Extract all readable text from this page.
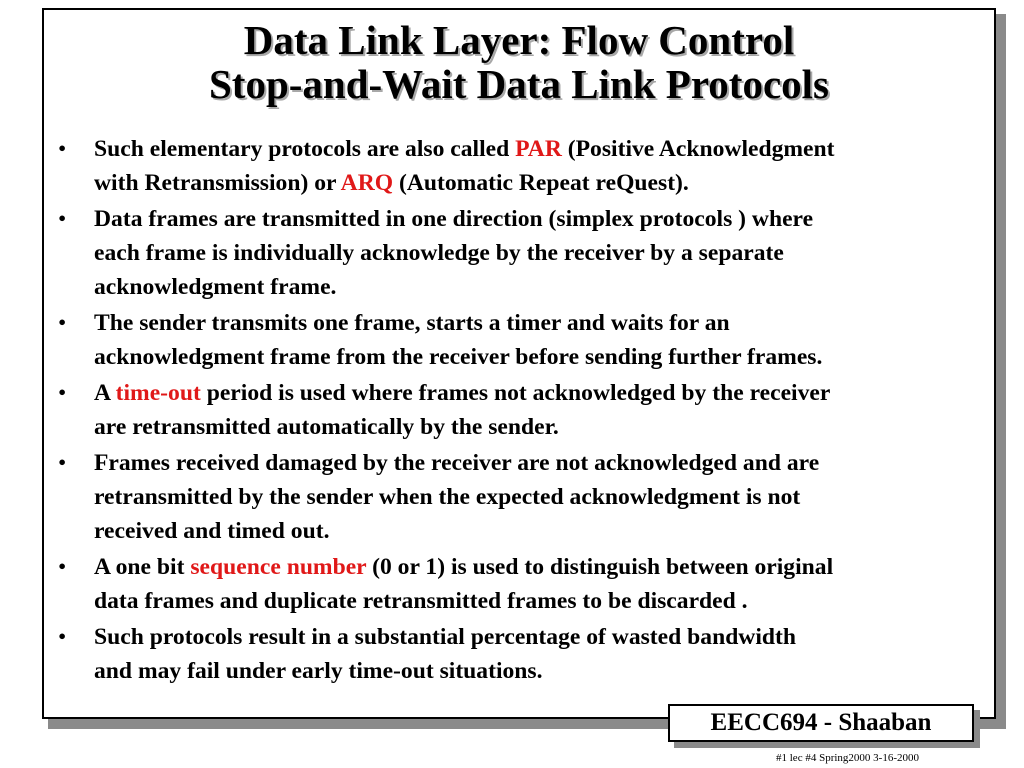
Data Link Layer: Flow Control
Stop-and-Wait Data Link Protocols
• Such elementary protocols are also called PAR (Positive Acknowledgment
with Retransmission) or ARQ (Automatic Repeat reQuest).
• Data frames are transmitted in one direction (simplex protocols ) where
each frame is individually acknowledge by the receiver by a separate
acknowledgment frame.
• The sender transmits one frame, starts a timer and waits for an
acknowledgment frame from the receiver before sending further frames.
• A time-out period is used where frames not acknowledged by the receiver
are retransmitted automatically by the sender.
• Frames received damaged by the receiver are not acknowledged and are
retransmitted by the sender when the expected acknowledgment is not
received and timed out.
• A one bit sequence number (0 or 1) is used to distinguish between original
data frames and duplicate retransmitted frames to be discarded .
• Such protocols result in a substantial percentage of wasted bandwidth
and may fail under early time-out situations.
EECC694 - Shaaban
#1 lec #4 Spring2000 3-16-2000
